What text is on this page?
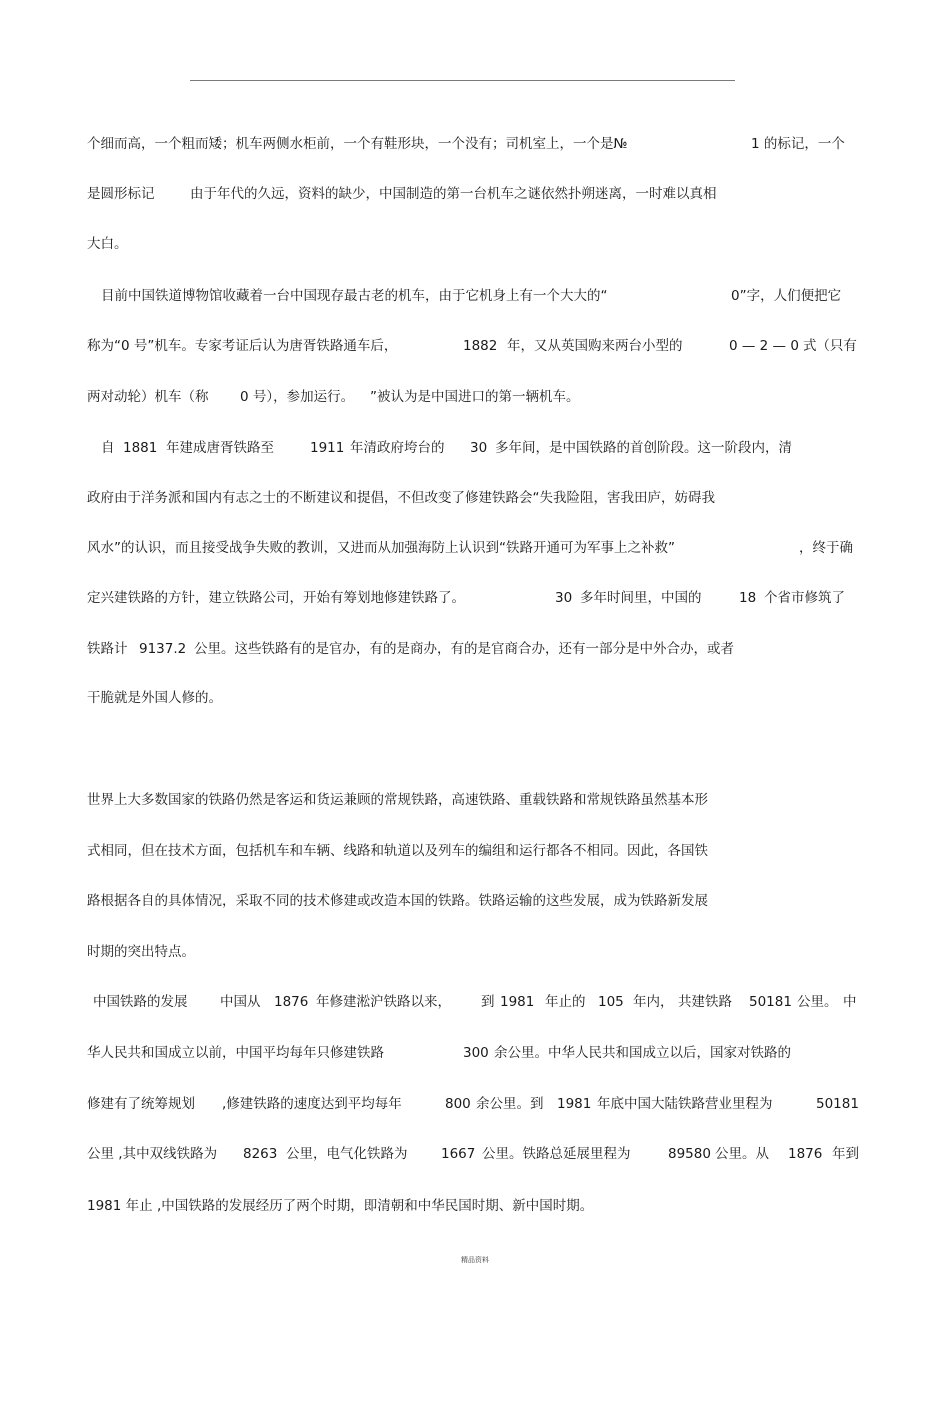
个细而高，一个粗而矮；机车两侧水柜前，一个有鞋形块，一个没有；司机室上，一个是№

	1 的标记，一个

是圆形标记

	由于年代的久远，资料的缺少，中国制造的第一台机车之谜依然扑朔迷离，一时难以真相

大白。

目前中国铁道博物馆收藏着一台中国现存最古老的机车，由于它机身上有一个大大的“

	0”字，人们便把它

称为“0 号”机车。专家考证后认为唐胥铁路通车后，

	1882

年，又从英国购来两台小型的

	0 — 2 — 0

式（只有

两对动轮）机车（称

0 号），参加运行。

”被认为是中国进口的第一辆机车。

自

1881

年建成唐胥铁路至

	1911

年清政府垮台的

30

多年间，是中国铁路的首创阶段。这一阶段内，清

政府由于洋务派和国内有志之士的不断建议和提倡，不但改变了修建铁路会“失我险阻，害我田庐，妨碍我

风水”的认识，而且接受战争失败的教训，又进而从加强海防上认识到“铁路开通可为军事上之补救”

	，终于确

定兴建铁路的方针，建立铁路公司，开始有筹划地修建铁路了。

	30

多年时间里，中国的

	18

个省市修筑了

铁路计

9137.2

公里。这些铁路有的是官办，有的是商办，有的是官商合办，还有一部分是中外合办，或者

干脆就是外国人修的。

世界上大多数国家的铁路仍然是客运和货运兼顾的常规铁路，高速铁路、重载铁路和常规铁路虽然基本形

式相同，但在技术方面，包括机车和车辆、线路和轨道以及列车的编组和运行都各不相同。因此，各国铁

路根据各自的具体情况，采取不同的技术修建或改造本国的铁路。铁路运输的这些发展，成为铁路新发展

时期的突出特点。

中国铁路的发展

中国从

1876

年修建淞沪铁路以来，

到

1981

年止的

105

年内，

共建铁路

50181

公里。

中

华人民共和国成立以前，中国平均每年只修建铁路

	300

余公里。中华人民共和国成立以后，国家对铁路的

修建有了统筹规划

,修建铁路的速度达到平均每年

	800

余公里。到

1981

年底中国大陆铁路营业里程为

	50181

公里 ,其中双线铁路为

8263

公里，电气化铁路为

1667

公里。铁路总延展里程为

	89580

公里。从

1876

年到

1981 年止 ,中国铁路的发展经历了两个时期，即清朝和中华民国时期、新中国时期。

精品资料
